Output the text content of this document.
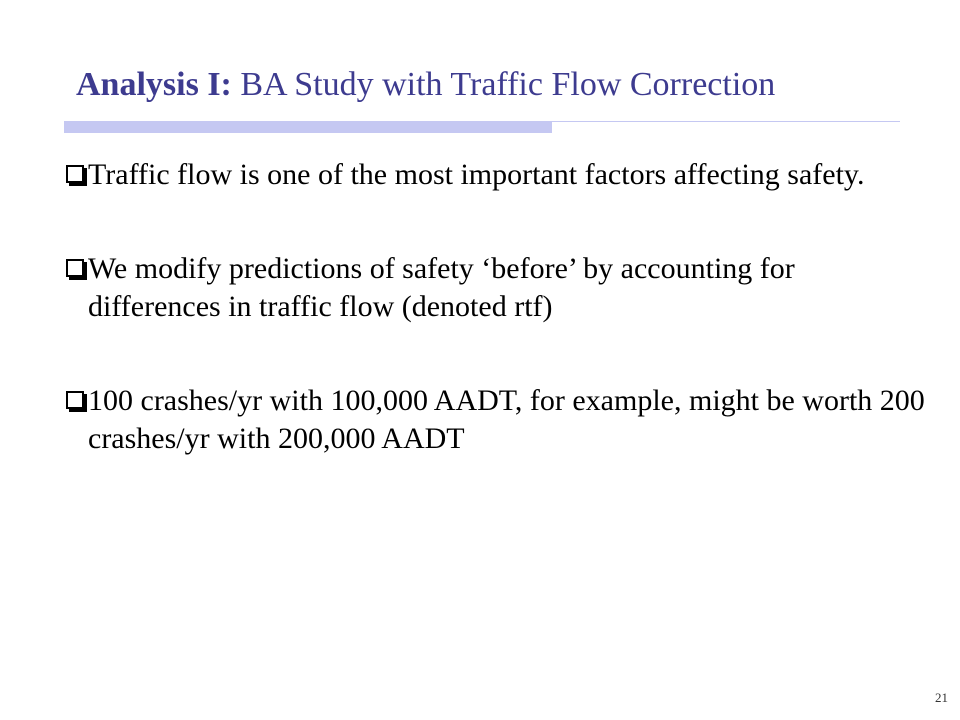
Analysis I: BA Study with Traffic Flow Correction
Traffic flow is one of the most important factors affecting safety.
We modify predictions of safety ‘before’ by accounting for differences in traffic flow (denoted rtf)
100 crashes/yr with 100,000 AADT, for example, might be worth 200 crashes/yr with 200,000 AADT
21
